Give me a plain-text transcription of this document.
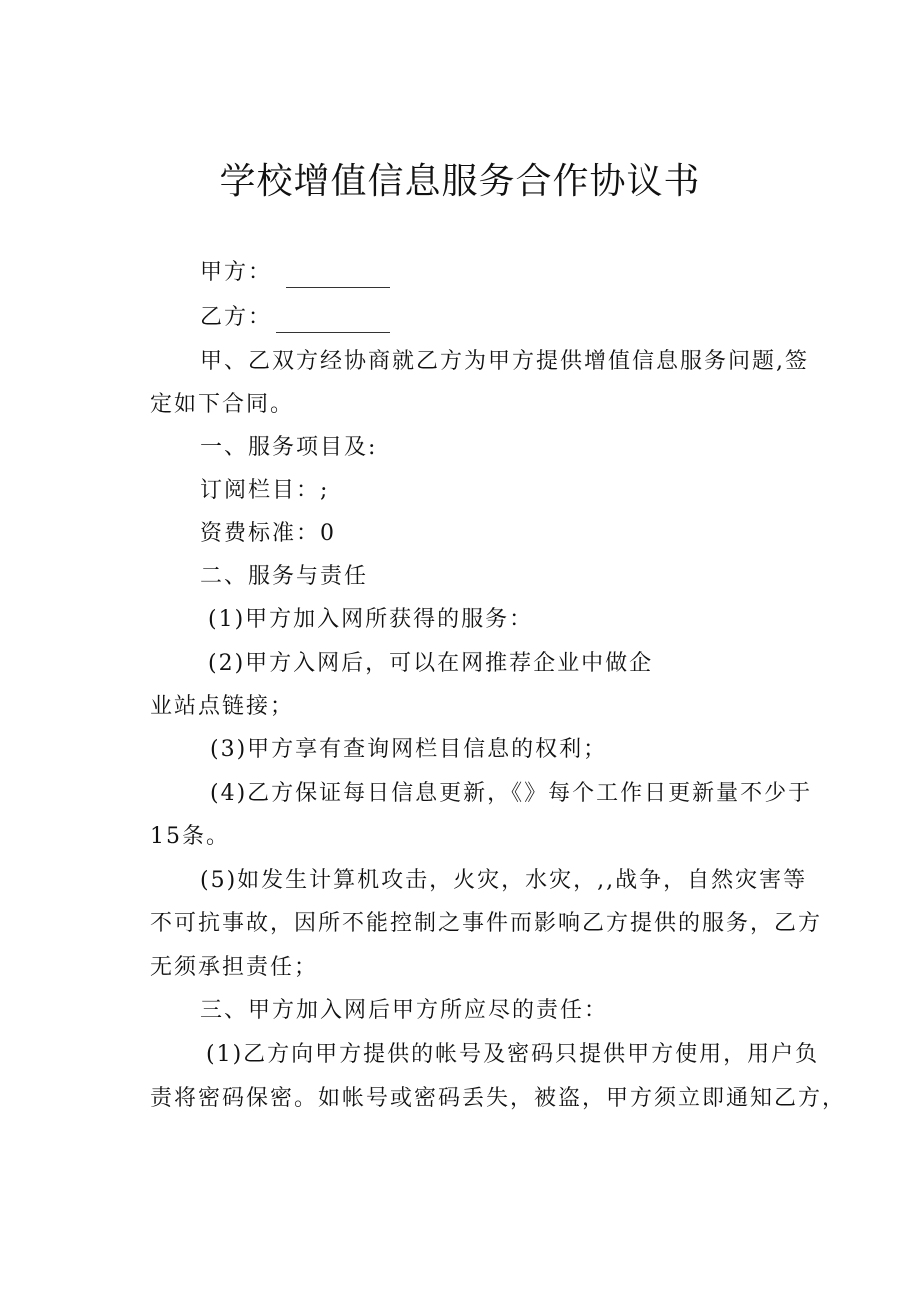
学校增值信息服务合作协议书
甲方：
乙方：
甲、乙双方经协商就乙方为甲方提供增值信息服务问题,签
定如下合同。
一、服务项目及:
订阅栏目：;
资费标准：0
二、服务与责任
(1)甲方加入网所获得的服务：
(2)甲方入网后，可以在网推荐企业中做企
业站点链接；
(3)甲方享有查询网栏目信息的权利；
(4)乙方保证每日信息更新，《》每个工作日更新量不少于
15条。
(5)如发生计算机攻击，火灾，水灾，,,战争，自然灾害等
不可抗事故，因所不能控制之事件而影响乙方提供的服务，乙方
无须承担责任；
三、甲方加入网后甲方所应尽的责任：
(1)乙方向甲方提供的帐号及密码只提供甲方使用，用户负
责将密码保密。如帐号或密码丢失，被盗，甲方须立即通知乙方，
